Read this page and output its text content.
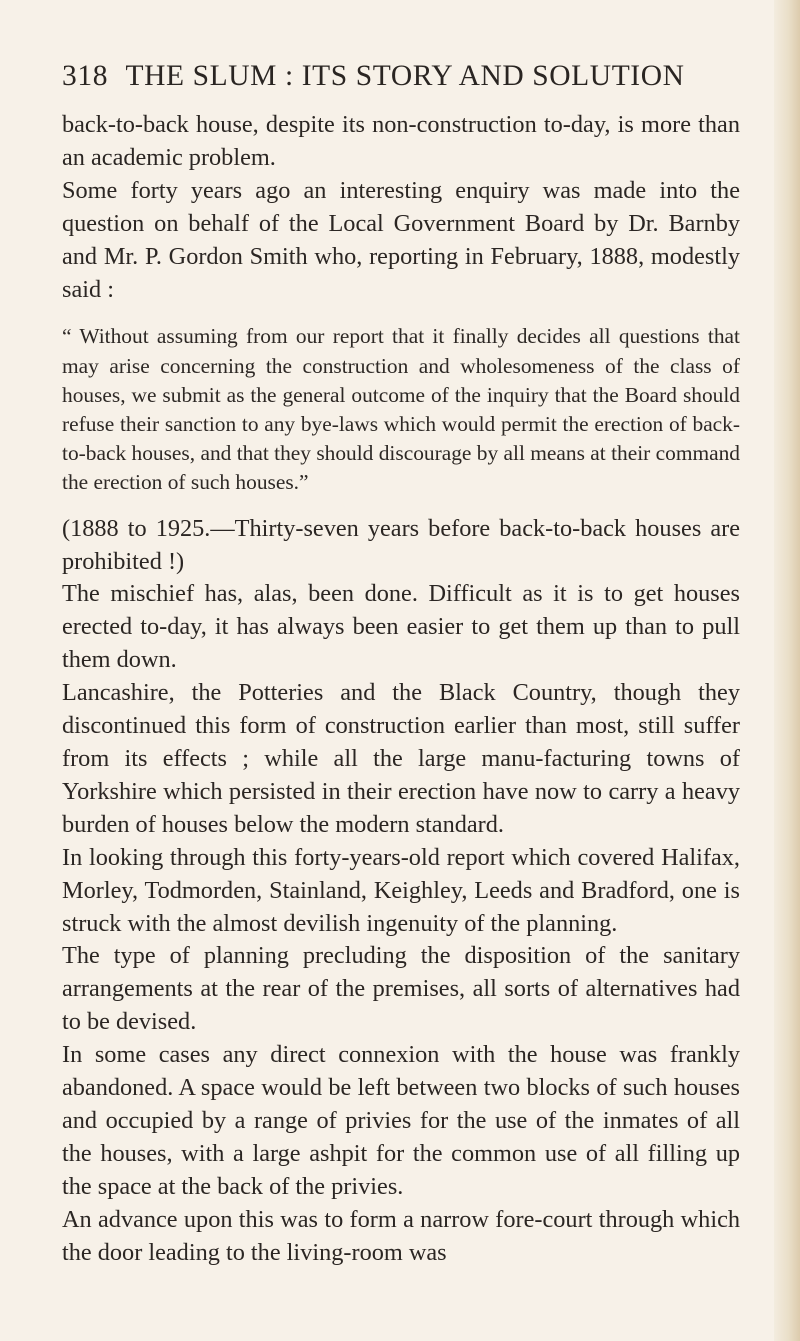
318 THE SLUM : ITS STORY AND SOLUTION

back-to-back house, despite its non-construction to-day, is more than an academic problem.

Some forty years ago an interesting enquiry was made into the question on behalf of the Local Government Board by Dr. Barnby and Mr. P. Gordon Smith who, reporting in February, 1888, modestly said :

“ Without assuming from our report that it finally decides all questions that may arise concerning the construction and wholesomeness of the class of houses, we submit as the general outcome of the inquiry that the Board should refuse their sanction to any bye-laws which would permit the erection of back-to-back houses, and that they should discourage by all means at their command the erection of such houses.”

(1888 to 1925.—Thirty-seven years before back-to-back houses are prohibited !)

The mischief has, alas, been done. Difficult as it is to get houses erected to-day, it has always been easier to get them up than to pull them down.

Lancashire, the Potteries and the Black Country, though they discontinued this form of construction earlier than most, still suffer from its effects ; while all the large manu-facturing towns of Yorkshire which persisted in their erection have now to carry a heavy burden of houses below the modern standard.

In looking through this forty-years-old report which covered Halifax, Morley, Todmorden, Stainland, Keighley, Leeds and Bradford, one is struck with the almost devilish ingenuity of the planning.

The type of planning precluding the disposition of the sanitary arrangements at the rear of the premises, all sorts of alternatives had to be devised.

In some cases any direct connexion with the house was frankly abandoned. A space would be left between two blocks of such houses and occupied by a range of privies for the use of the inmates of all the houses, with a large ashpit for the common use of all filling up the space at the back of the privies.

An advance upon this was to form a narrow fore-court through which the door leading to the living-room was
